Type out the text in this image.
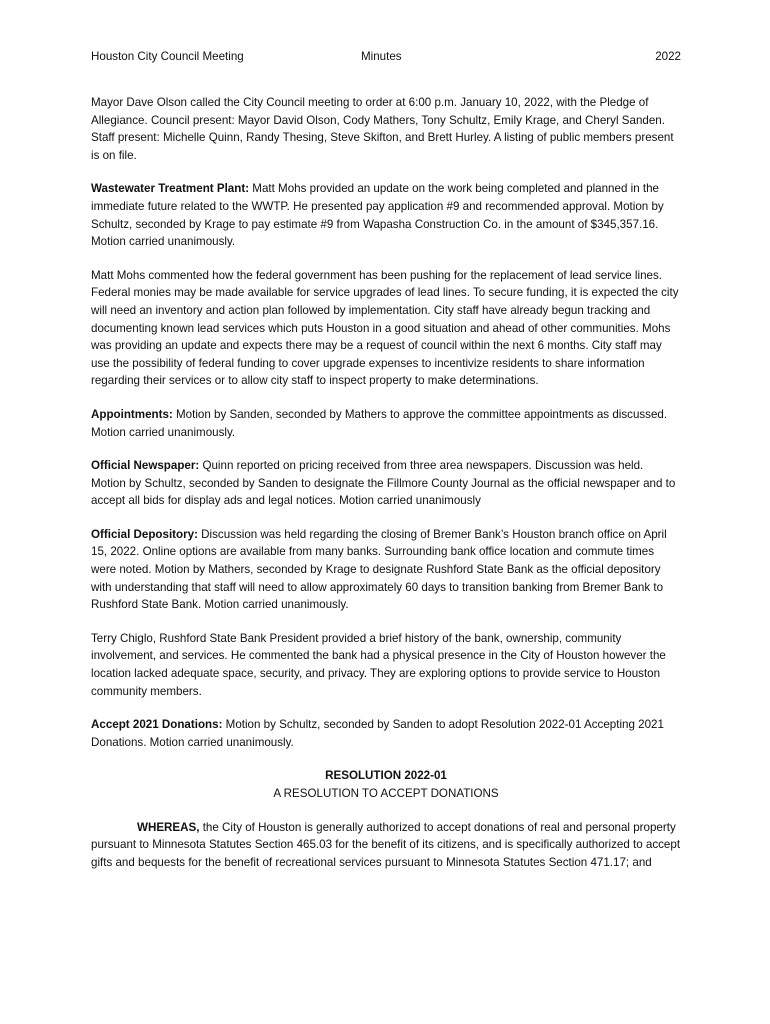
Houston City Council Meeting	Minutes	2022

Mayor Dave Olson called the City Council meeting to order at 6:00 p.m. January 10, 2022, with the Pledge of Allegiance. Council present: Mayor David Olson, Cody Mathers, Tony Schultz, Emily Krage, and Cheryl Sanden. Staff present: Michelle Quinn, Randy Thesing, Steve Skifton, and Brett Hurley. A listing of public members present is on file.

Wastewater Treatment Plant: Matt Mohs provided an update on the work being completed and planned in the immediate future related to the WWTP. He presented pay application #9 and recommended approval. Motion by Schultz, seconded by Krage to pay estimate #9 from Wapasha Construction Co. in the amount of $345,357.16. Motion carried unanimously.

Matt Mohs commented how the federal government has been pushing for the replacement of lead service lines. Federal monies may be made available for service upgrades of lead lines. To secure funding, it is expected the city will need an inventory and action plan followed by implementation. City staff have already begun tracking and documenting known lead services which puts Houston in a good situation and ahead of other communities. Mohs was providing an update and expects there may be a request of council within the next 6 months. City staff may use the possibility of federal funding to cover upgrade expenses to incentivize residents to share information regarding their services or to allow city staff to inspect property to make determinations.

Appointments: Motion by Sanden, seconded by Mathers to approve the committee appointments as discussed. Motion carried unanimously.

Official Newspaper: Quinn reported on pricing received from three area newspapers. Discussion was held. Motion by Schultz, seconded by Sanden to designate the Fillmore County Journal as the official newspaper and to accept all bids for display ads and legal notices. Motion carried unanimously

Official Depository: Discussion was held regarding the closing of Bremer Bank’s Houston branch office on April 15, 2022. Online options are available from many banks. Surrounding bank office location and commute times were noted. Motion by Mathers, seconded by Krage to designate Rushford State Bank as the official depository with understanding that staff will need to allow approximately 60 days to transition banking from Bremer Bank to Rushford State Bank. Motion carried unanimously.

Terry Chiglo, Rushford State Bank President provided a brief history of the bank, ownership, community involvement, and services. He commented the bank had a physical presence in the City of Houston however the location lacked adequate space, security, and privacy. They are exploring options to provide service to Houston community members.

Accept 2021 Donations: Motion by Schultz, seconded by Sanden to adopt Resolution 2022-01 Accepting 2021 Donations. Motion carried unanimously.

RESOLUTION 2022-01

A RESOLUTION TO ACCEPT DONATIONS

WHEREAS, the City of Houston is generally authorized to accept donations of real and personal property pursuant to Minnesota Statutes Section 465.03 for the benefit of its citizens, and is specifically authorized to accept gifts and bequests for the benefit of recreational services pursuant to Minnesota Statutes Section 471.17; and
